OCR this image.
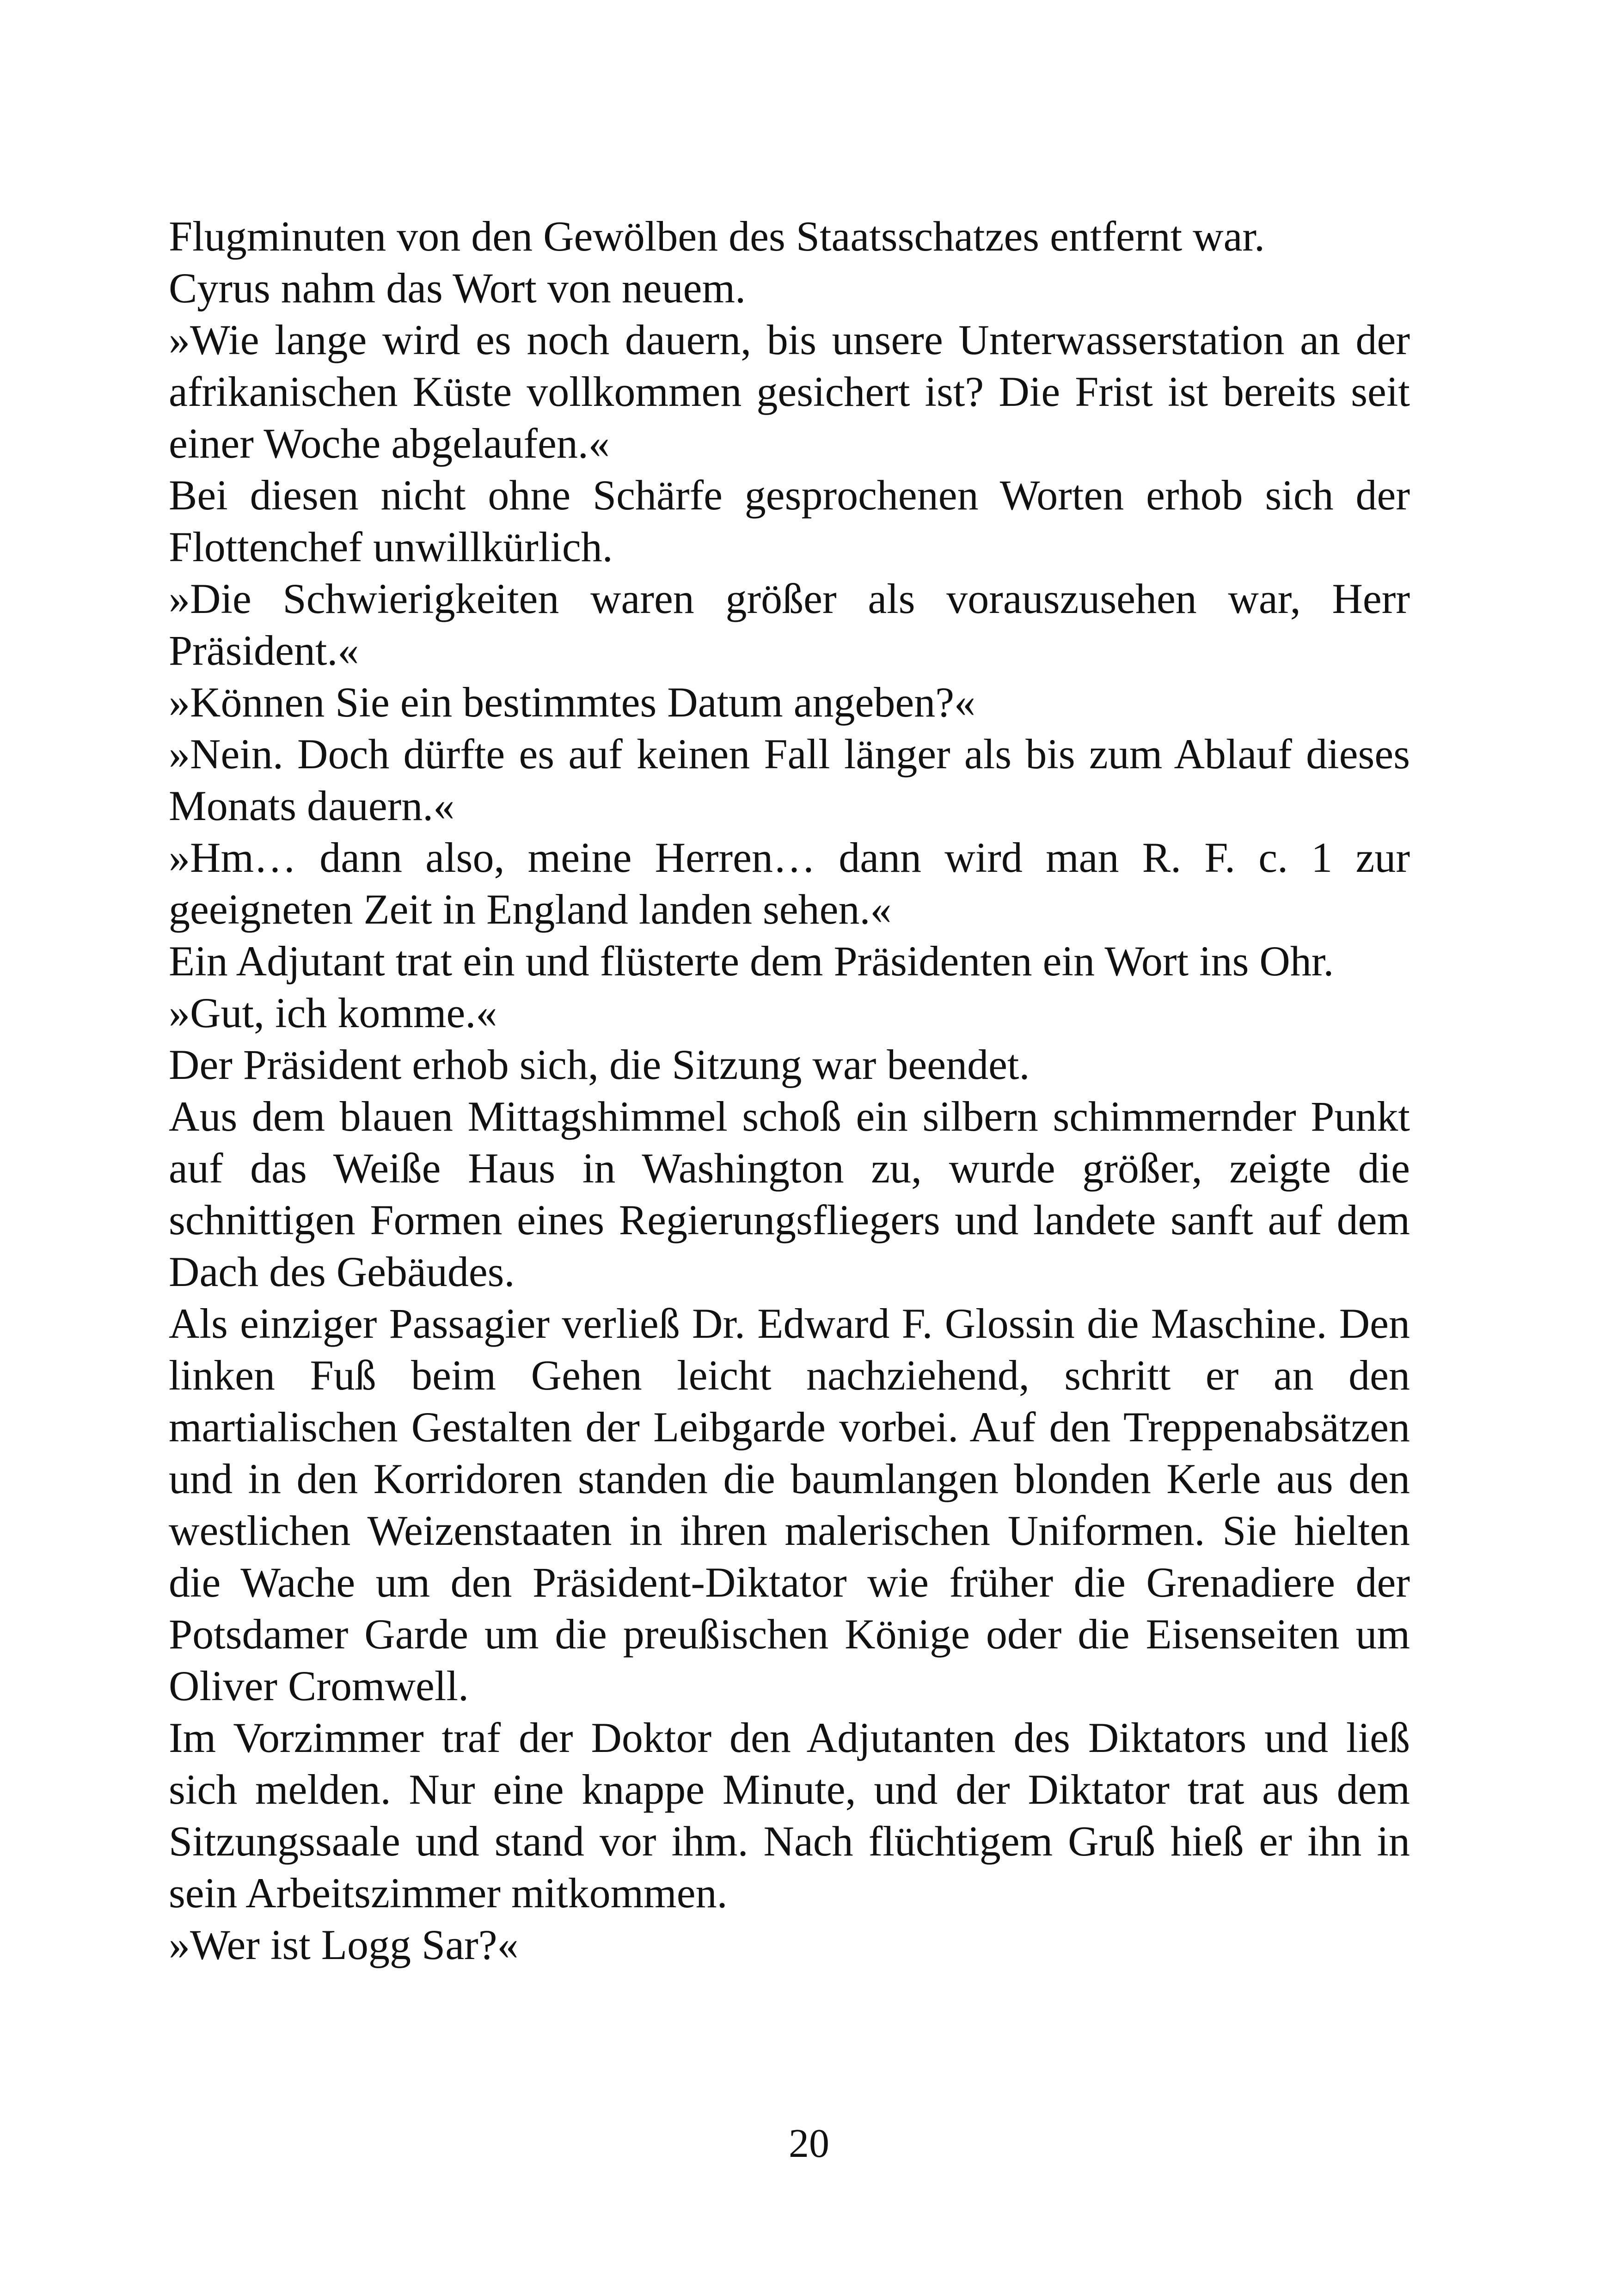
Flugminuten von den Gewölben des Staatsschatzes entfernt war.

Cyrus nahm das Wort von neuem.

»Wie lange wird es noch dauern, bis unsere Unterwasserstation an der afrikanischen Küste vollkommen gesichert ist? Die Frist ist bereits seit einer Woche abgelaufen.«

Bei diesen nicht ohne Schärfe gesprochenen Worten erhob sich der Flottenchef unwillkürlich.

»Die Schwierigkeiten waren größer als vorauszusehen war, Herr Präsident.«

»Können Sie ein bestimmtes Datum angeben?«

»Nein. Doch dürfte es auf keinen Fall länger als bis zum Ablauf dieses Monats dauern.«

»Hm… dann also, meine Herren… dann wird man R. F. c. 1 zur geeigneten Zeit in England landen sehen.«

Ein Adjutant trat ein und flüsterte dem Präsidenten ein Wort ins Ohr.

»Gut, ich komme.«

Der Präsident erhob sich, die Sitzung war beendet.

Aus dem blauen Mittagshimmel schoß ein silbern schimmernder Punkt auf das Weiße Haus in Washington zu, wurde größer, zeigte die schnittigen Formen eines Regierungsfliegers und landete sanft auf dem Dach des Gebäudes.

Als einziger Passagier verließ Dr. Edward F. Glossin die Maschine. Den linken Fuß beim Gehen leicht nachziehend, schritt er an den martialischen Gestalten der Leibgarde vorbei. Auf den Treppenabsätzen und in den Korridoren standen die baumlangen blonden Kerle aus den westlichen Weizenstaaten in ihren malerischen Uniformen. Sie hielten die Wache um den Präsident-Diktator wie früher die Grenadiere der Potsdamer Garde um die preußischen Könige oder die Eisenseiten um Oliver Cromwell.

Im Vorzimmer traf der Doktor den Adjutanten des Diktators und ließ sich melden. Nur eine knappe Minute, und der Diktator trat aus dem Sitzungssaale und stand vor ihm. Nach flüchtigem Gruß hieß er ihn in sein Arbeitszimmer mitkommen.

»Wer ist Logg Sar?«

20
